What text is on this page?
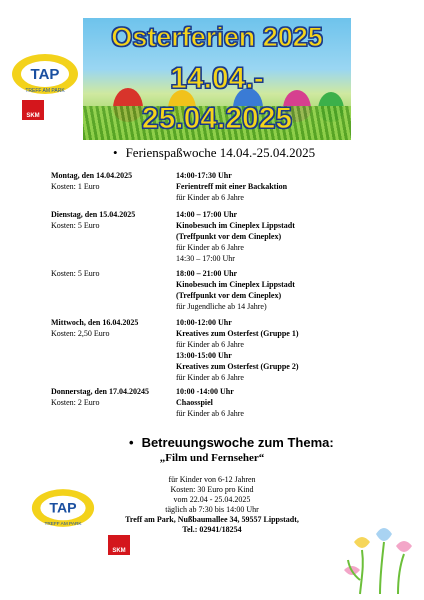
Osterferien 2025
14.04.-
25.04.2025
TAP
TREFF AM PARK
SKM
• Ferienspaßwoche 14.04.-25.04.2025
Montag, den 14.04.2025
Kosten: 1 Euro
14:00-17:30 Uhr
Ferientreff mit einer Backaktion
für Kinder ab 6 Jahre
Dienstag, den 15.04.2025
Kosten: 5 Euro
14:00 – 17:00 Uhr
Kinobesuch im Cineplex Lippstadt
(Treffpunkt vor dem Cineplex)
für Kinder ab 6 Jahre
14:30 – 17:00 Uhr
Kosten: 5 Euro	18:00 – 21:00 Uhr
Kinobesuch im Cineplex Lippstadt
(Treffpunkt vor dem Cineplex)
für Jugendliche ab 14 Jahre)
Mittwoch, den 16.04.2025
Kosten: 2,50 Euro
10:00-12:00 Uhr
Kreatives zum Osterfest (Gruppe 1)
für Kinder ab 6 Jahre
13:00-15:00 Uhr
Kreatives zum Osterfest (Gruppe 2)
für Kinder ab 6 Jahre
Donnerstag, den 17.04.20245
Kosten: 2 Euro
10:00 -14:00 Uhr
Chaosspiel
für Kinder ab 6 Jahre
• Betreuungswoche zum Thema:
„Film und Fernseher“
für Kinder von 6-12 Jahren
Kosten: 30 Euro pro Kind
vom 22.04 - 25.04.2025
täglich ab 7:30 bis 14:00 Uhr
Treff am Park, Nußbaumallee 34, 59557 Lippstadt,
Tel.: 02941/18254
TAP
TREFF AM PARK
SKM
